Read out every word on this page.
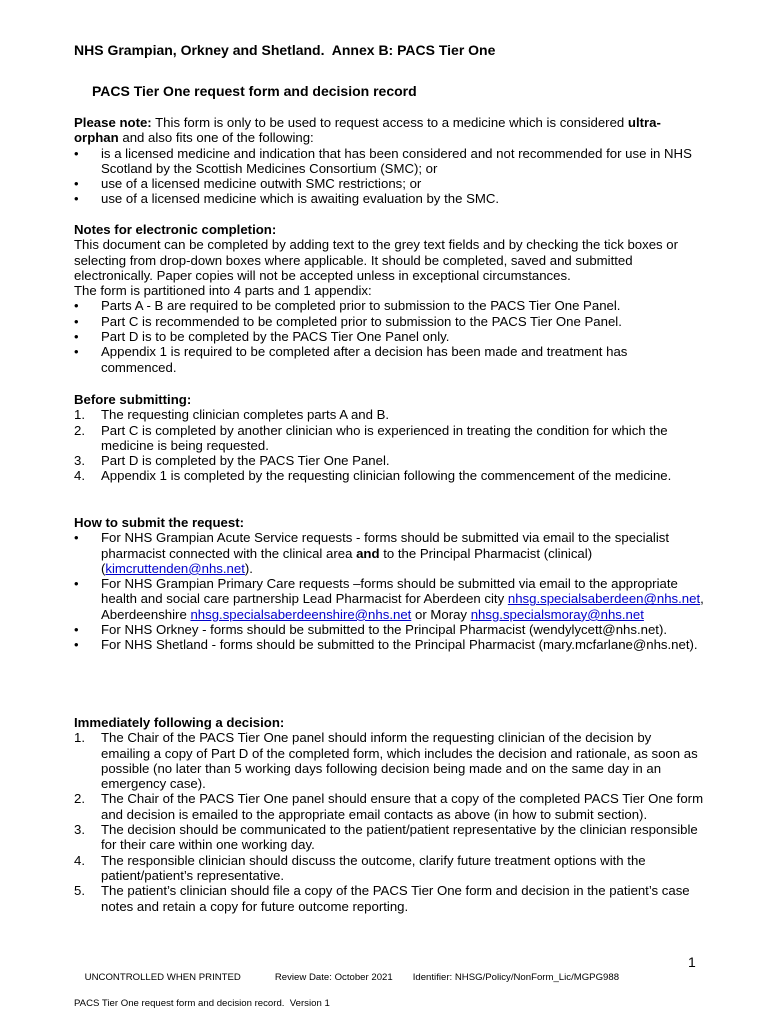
NHS Grampian, Orkney and Shetland.  Annex B: PACS Tier One
PACS Tier One request form and decision record
Please note: This form is only to be used to request access to a medicine which is considered ultra-orphan and also fits one of the following:
• is a licensed medicine and indication that has been considered and not recommended for use in NHS Scotland by the Scottish Medicines Consortium (SMC); or
• use of a licensed medicine outwith SMC restrictions; or
• use of a licensed medicine which is awaiting evaluation by the SMC.
Notes for electronic completion:
This document can be completed by adding text to the grey text fields and by checking the tick boxes or selecting from drop-down boxes where applicable. It should be completed, saved and submitted electronically. Paper copies will not be accepted unless in exceptional circumstances.
The form is partitioned into 4 parts and 1 appendix:
• Parts A - B are required to be completed prior to submission to the PACS Tier One Panel.
• Part C is recommended to be completed prior to submission to the PACS Tier One Panel.
• Part D is to be completed by the PACS Tier One Panel only.
• Appendix 1 is required to be completed after a decision has been made and treatment has commenced.
Before submitting:
1. The requesting clinician completes parts A and B.
2. Part C is completed by another clinician who is experienced in treating the condition for which the medicine is being requested.
3. Part D is completed by the PACS Tier One Panel.
4. Appendix 1 is completed by the requesting clinician following the commencement of the medicine.
How to submit the request:
• For NHS Grampian Acute Service requests - forms should be submitted via email to the specialist pharmacist connected with the clinical area and to the Principal Pharmacist (clinical) (kimcruttenden@nhs.net).
• For NHS Grampian Primary Care requests –forms should be submitted via email to the appropriate health and social care partnership Lead Pharmacist for Aberdeen city nhsg.specialsaberdeen@nhs.net, Aberdeenshire nhsg.specialsaberdeenshire@nhs.net or Moray nhsg.specialsmoray@nhs.net
• For NHS Orkney - forms should be submitted to the Principal Pharmacist (wendylycett@nhs.net).
• For NHS Shetland - forms should be submitted to the Principal Pharmacist (mary.mcfarlane@nhs.net).
Immediately following a decision:
1. The Chair of the PACS Tier One panel should inform the requesting clinician of the decision by emailing a copy of Part D of the completed form, which includes the decision and rationale, as soon as possible (no later than 5 working days following decision being made and on the same day in an emergency case).
2. The Chair of the PACS Tier One panel should ensure that a copy of the completed PACS Tier One form and decision is emailed to the appropriate email contacts as above (in how to submit section).
3. The decision should be communicated to the patient/patient representative by the clinician responsible for their care within one working day.
4. The responsible clinician should discuss the outcome, clarify future treatment options with the patient/patient’s representative.
5. The patient’s clinician should file a copy of the PACS Tier One form and decision in the patient’s case notes and retain a copy for future outcome reporting.

UNCONTROLLED WHEN PRINTED	Review Date: October 2021 Identifier: NHSG/Policy/NonForm_Lic/MGPG988

PACS Tier One request form and decision record.  Version 1
1
